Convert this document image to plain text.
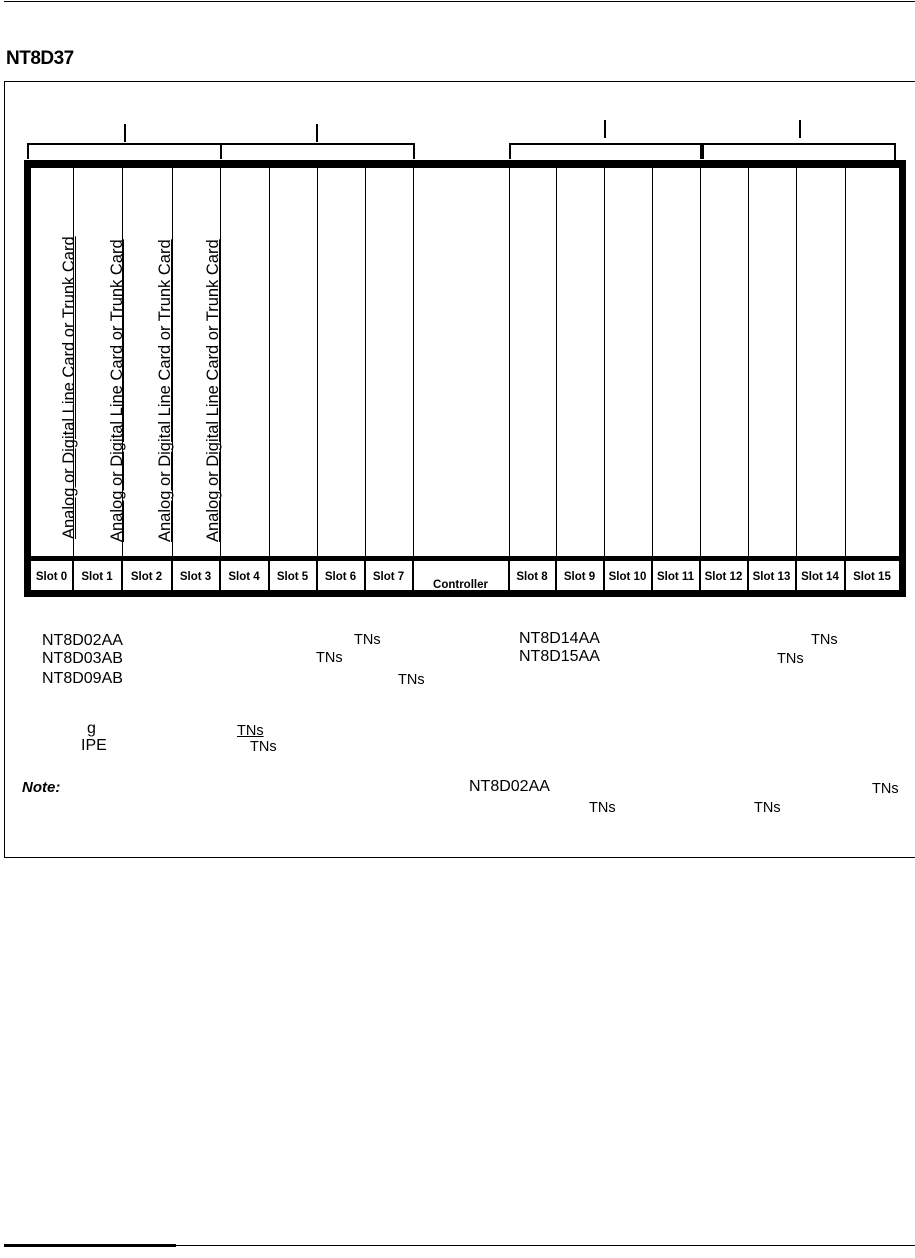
NT8D37
Analog or Digital Line Card or Trunk Card Analog or Digital Line Card or Trunk Card Analog or Digital Line Card or Trunk Card Analog or Digital Line Card or Trunk Card
Slot 0	Slot 1	Slot 2	Slot 3	Slot 4	Slot 5	Slot 6	Slot 7
Controller
Slot 8	Slot 9	Slot 10 Slot 11 Slot 12 Slot 13 Slot 14	Slot 15
NT8D02AA
NT8D03AB
NT8D09AB
TNs
TNs
TNs
NT8D14AA
NT8D15AA
TNs
TNs
g
IPE
TNs
TNs
Note:	NT8D02AA	TNs
TNs	TNs
